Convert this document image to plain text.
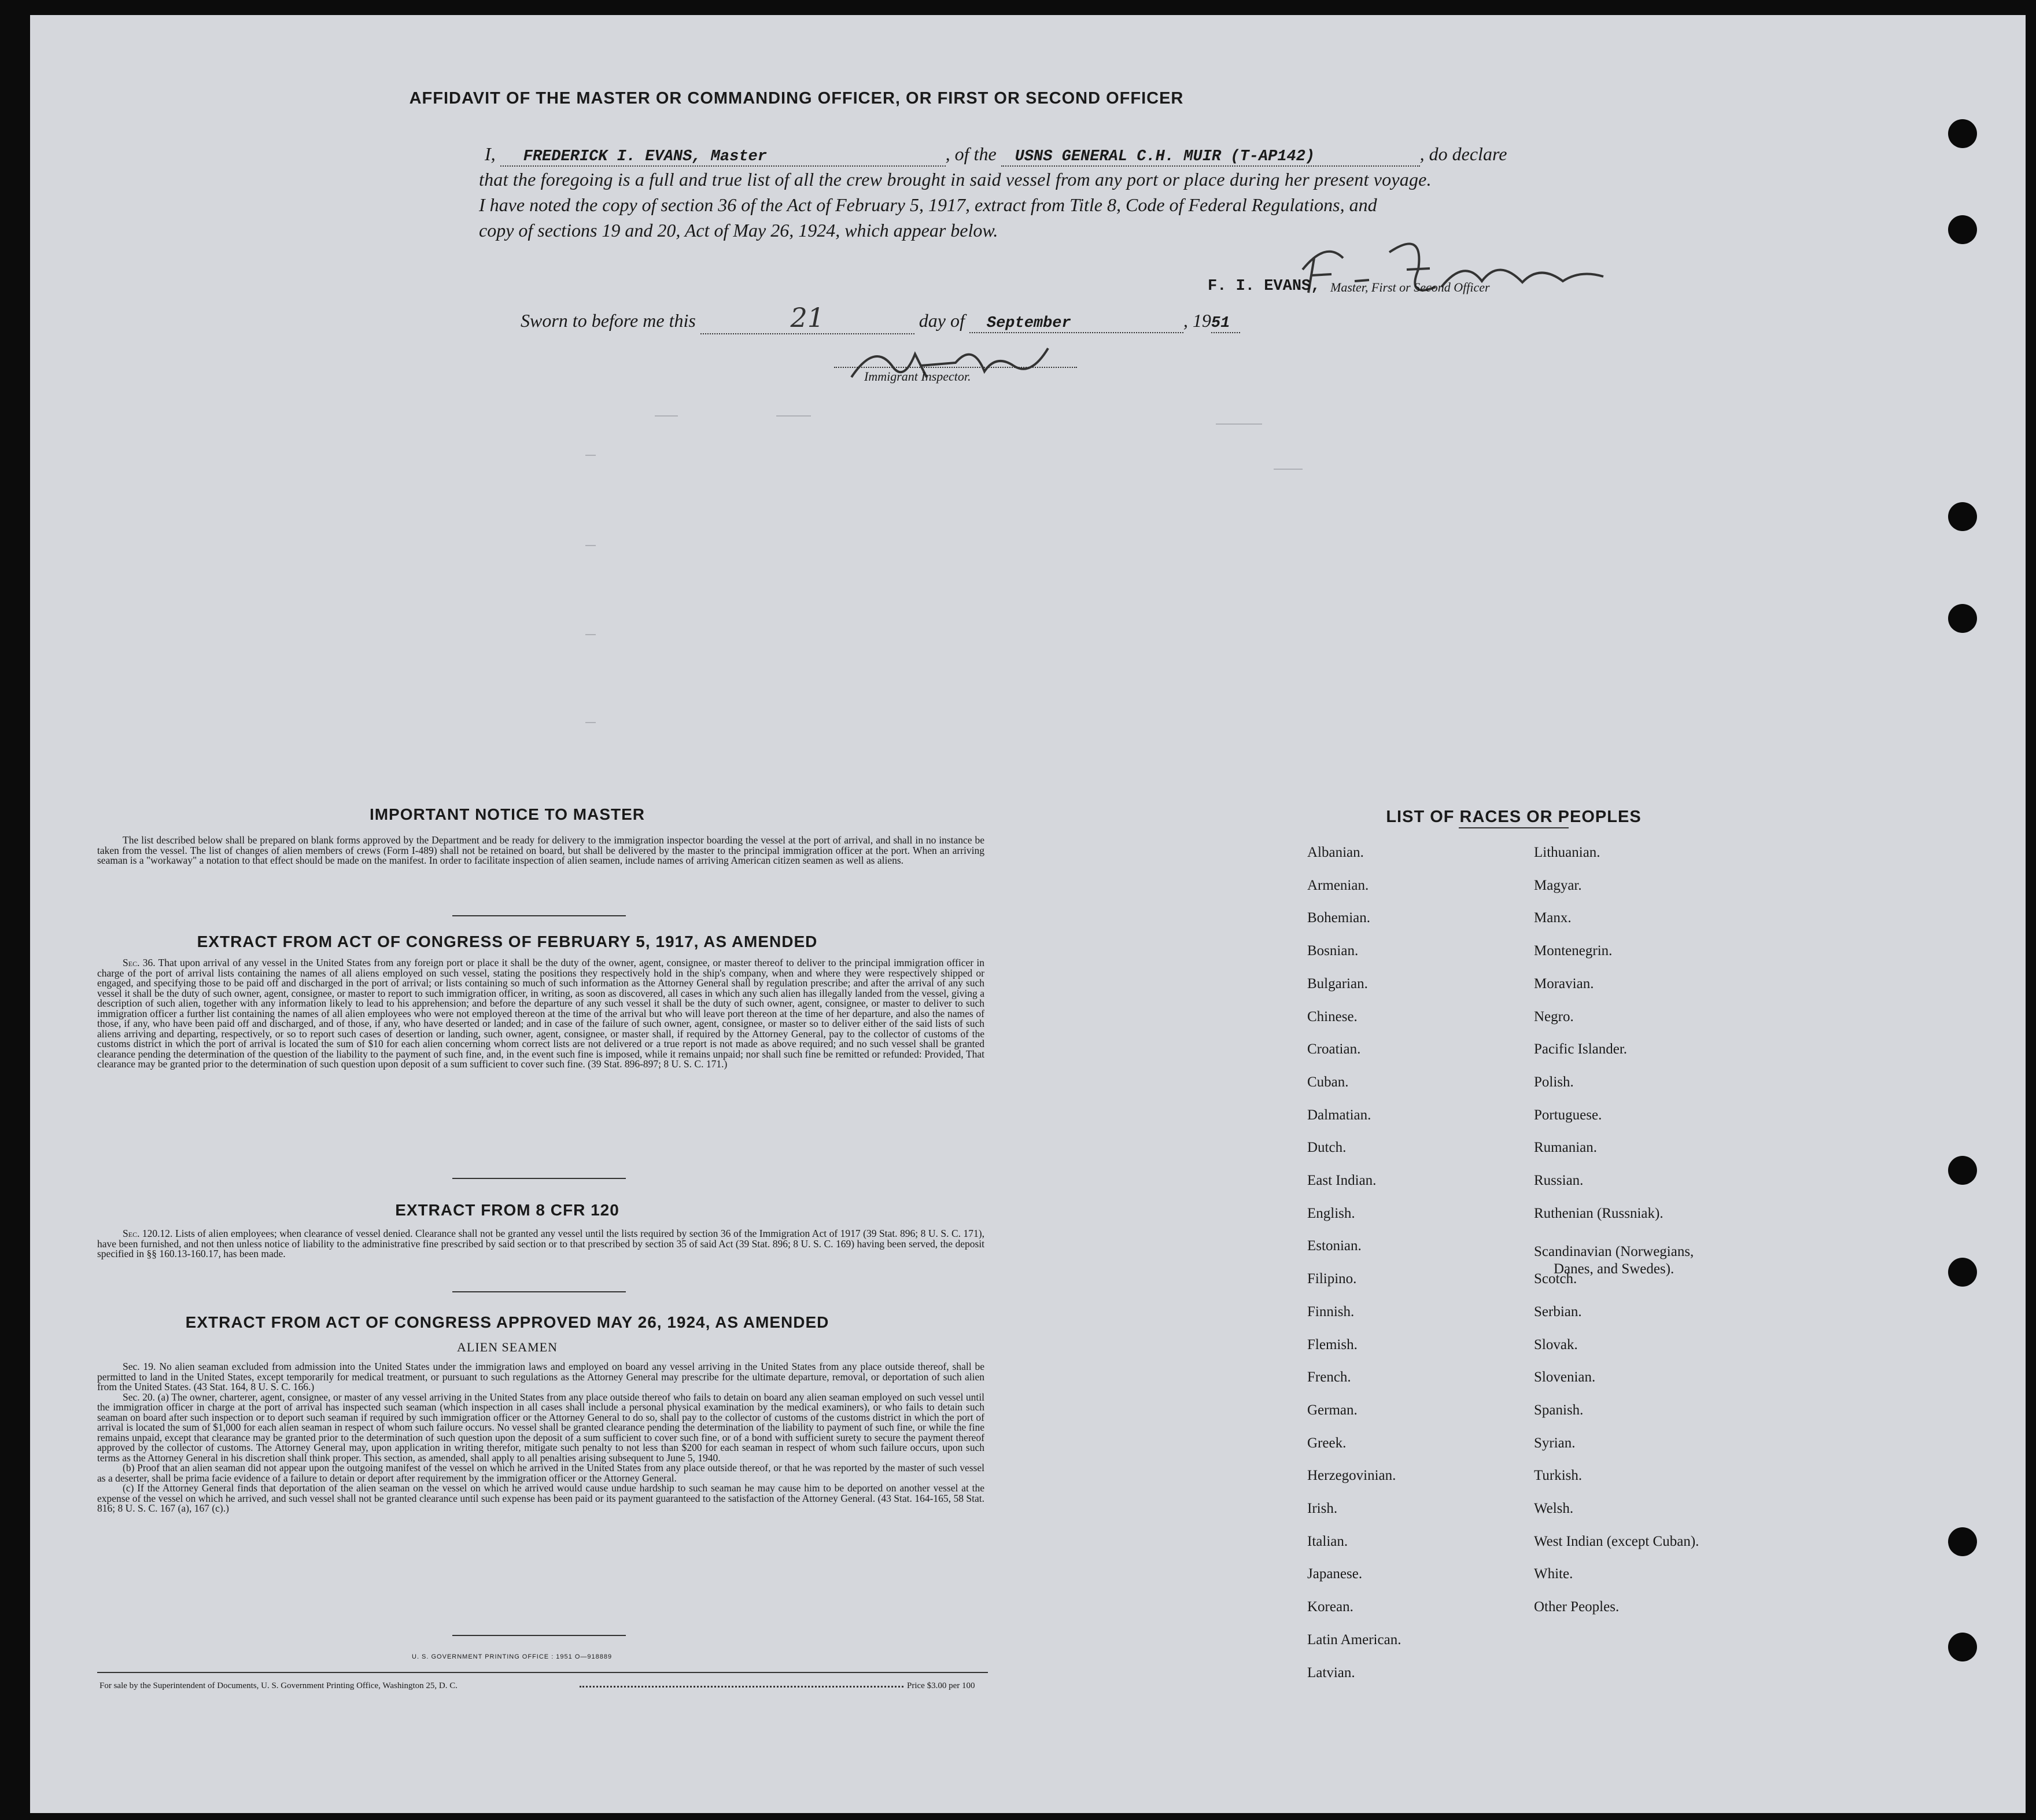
AFFIDAVIT OF THE MASTER OR COMMANDING OFFICER, OR FIRST OR SECOND OFFICER
I, FREDERICK I. EVANS, Master	, of the USNS GENERAL C.H. MUIR (T-AP142)	, do declare
that the foregoing is a full and true list of all the crew brought in said vessel from any port or place during her present voyage.
I have noted the copy of section 36 of the Act of February 5, 1917, extract from Title 8, Code of Federal Regulations, and
copy of sections 19 and 20, Act of May 26, 1924, which appear below.
F. I. EVANS, Master, First or Second Officer
Sworn to before me this	21	day of September	, 1951
Immigrant Inspector.
IMPORTANT NOTICE TO MASTER
The list described below shall be prepared on blank forms approved by the Department and be ready for delivery to the immigration inspector boarding the vessel at the port of arrival, and shall in no instance be taken from the vessel. The list of changes of alien members of crews (Form I-489) shall not be retained on board, but shall be delivered by the master to the principal immigration officer at the port. When an arriving seaman is a "workaway" a notation to that effect should be made on the manifest. In order to facilitate inspection of alien seamen, include names of arriving American citizen seamen as well as aliens.
EXTRACT FROM ACT OF CONGRESS OF FEBRUARY 5, 1917, AS AMENDED
Sec. 36. That upon arrival of any vessel in the United States from any foreign port or place it shall be the duty of the owner, agent, consignee, or master thereof to deliver to the principal immigration officer in charge of the port of arrival lists containing the names of all aliens employed on such vessel, stating the positions they respectively hold in the ship's company, when and where they were respectively shipped or engaged, and specifying those to be paid off and discharged in the port of arrival; or lists containing so much of such information as the Attorney General shall by regulation prescribe; and after the arrival of any such vessel it shall be the duty of such owner, agent, consignee, or master to report to such immigration officer, in writing, as soon as discovered, all cases in which any such alien has illegally landed from the vessel, giving a description of such alien, together with any information likely to lead to his apprehension; and before the departure of any such vessel it shall be the duty of such owner, agent, consignee, or master to deliver to such immigration officer a further list containing the names of all alien employees who were not employed thereon at the time of the arrival but who will leave port thereon at the time of her departure, and also the names of those, if any, who have been paid off and discharged, and of those, if any, who have deserted or landed; and in case of the failure of such owner, agent, consignee, or master so to deliver either of the said lists of such aliens arriving and departing, respectively, or so to report such cases of desertion or landing, such owner, agent, consignee, or master shall, if required by the Attorney General, pay to the collector of customs of the customs district in which the port of arrival is located the sum of $10 for each alien concerning whom correct lists are not delivered or a true report is not made as above required; and no such vessel shall be granted clearance pending the determination of the question of the liability to the payment of such fine, and, in the event such fine is imposed, while it remains unpaid; nor shall such fine be remitted or refunded: Provided, That clearance may be granted prior to the determination of such question upon deposit of a sum sufficient to cover such fine. (39 Stat. 896-897; 8 U. S. C. 171.)
EXTRACT FROM 8 CFR 120
Sec. 120.12. Lists of alien employees; when clearance of vessel denied. Clearance shall not be granted any vessel until the lists required by section 36 of the Immigration Act of 1917 (39 Stat. 896; 8 U. S. C. 171), have been furnished, and not then unless notice of liability to the administrative fine prescribed by said section or to that prescribed by section 35 of said Act (39 Stat. 896; 8 U. S. C. 169) having been served, the deposit specified in §§ 160.13-160.17, has been made.
EXTRACT FROM ACT OF CONGRESS APPROVED MAY 26, 1924, AS AMENDED
ALIEN SEAMEN
Sec. 19. No alien seaman excluded from admission into the United States under the immigration laws and employed on board any vessel arriving in the United States from any place outside thereof, shall be permitted to land in the United States, except temporarily for medical treatment, or pursuant to such regulations as the Attorney General may prescribe for the ultimate departure, removal, or deportation of such alien from the United States. (43 Stat. 164, 8 U. S. C. 166.)
Sec. 20. (a) The owner, charterer, agent, consignee, or master of any vessel arriving in the United States from any place outside thereof who fails to detain on board any alien seaman employed on such vessel until the immigration officer in charge at the port of arrival has inspected such seaman (which inspection in all cases shall include a personal physical examination by the medical examiners), or who fails to detain such seaman on board after such inspection or to deport such seaman if required by such immigration officer or the Attorney General to do so, shall pay to the collector of customs of the customs district in which the port of arrival is located the sum of $1,000 for each alien seaman in respect of whom such failure occurs. No vessel shall be granted clearance pending the determination of the liability to payment of such fine, or while the fine remains unpaid, except that clearance may be granted prior to the determination of such question upon the deposit of a sum sufficient to cover such fine, or of a bond with sufficient surety to secure the payment thereof approved by the collector of customs. The Attorney General may, upon application in writing therefor, mitigate such penalty to not less than $200 for each seaman in respect of whom such failure occurs, upon such terms as the Attorney General in his discretion shall think proper. This section, as amended, shall apply to all penalties arising subsequent to June 5, 1940.
(b) Proof that an alien seaman did not appear upon the outgoing manifest of the vessel on which he arrived in the United States from any place outside thereof, or that he was reported by the master of such vessel as a deserter, shall be prima facie evidence of a failure to detain or deport after requirement by the immigration officer or the Attorney General.
(c) If the Attorney General finds that deportation of the alien seaman on the vessel on which he arrived would cause undue hardship to such seaman he may cause him to be deported on another vessel at the expense of the vessel on which he arrived, and such vessel shall not be granted clearance until such expense has been paid or its payment guaranteed to the satisfaction of the Attorney General. (43 Stat. 164-165, 58 Stat. 816; 8 U. S. C. 167 (a), 167 (c).)
U. S. GOVERNMENT PRINTING OFFICE : 1951 O—918889
For sale by the Superintendent of Documents, U. S. Government Printing Office, Washington 25, D. C.	Price $3.00 per 100
LIST OF RACES OR PEOPLES
Albanian.
Armenian.
Bohemian.
Bosnian.
Bulgarian.
Chinese.
Croatian.
Cuban.
Dalmatian.
Dutch.
East Indian.
English.
Estonian.
Filipino.
Finnish.
Flemish.
French.
German.
Greek.
Herzegovinian.
Irish.
Italian.
Japanese.
Korean.
Latin American.
Latvian.
Lithuanian.
Magyar.
Manx.
Montenegrin.
Moravian.
Negro.
Pacific Islander.
Polish.
Portuguese.
Rumanian.
Russian.
Ruthenian (Russniak).
Scandinavian (Norwegians,
Danes, and Swedes).
Scotch.
Serbian.
Slovak.
Slovenian.
Spanish.
Syrian.
Turkish.
Welsh.
West Indian (except Cuban).
White.
Other Peoples.
